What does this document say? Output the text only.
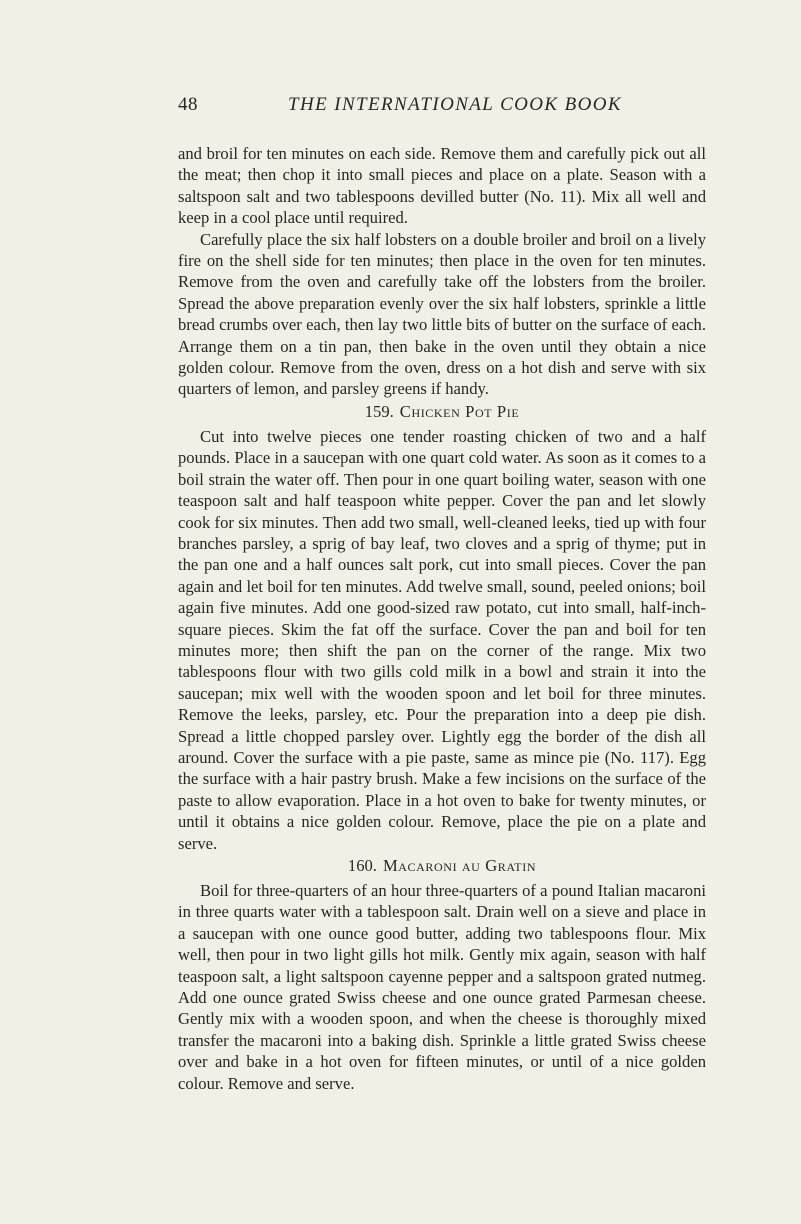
48	THE INTERNATIONAL COOK BOOK

and broil for ten minutes on each side. Remove them and carefully pick out all the meat; then chop it into small pieces and place on a plate. Season with a saltspoon salt and two tablespoons devilled butter (No. 11). Mix all well and keep in a cool place until required.

Carefully place the six half lobsters on a double broiler and broil on a lively fire on the shell side for ten minutes; then place in the oven for ten minutes. Remove from the oven and carefully take off the lobsters from the broiler. Spread the above preparation evenly over the six half lobsters, sprinkle a little bread crumbs over each, then lay two little bits of butter on the surface of each. Arrange them on a tin pan, then bake in the oven until they obtain a nice golden colour. Remove from the oven, dress on a hot dish and serve with six quarters of lemon, and parsley greens if handy.

159. Chicken Pot Pie

Cut into twelve pieces one tender roasting chicken of two and a half pounds. Place in a saucepan with one quart cold water. As soon as it comes to a boil strain the water off. Then pour in one quart boiling water, season with one teaspoon salt and half teaspoon white pepper. Cover the pan and let slowly cook for six minutes. Then add two small, well-cleaned leeks, tied up with four branches parsley, a sprig of bay leaf, two cloves and a sprig of thyme; put in the pan one and a half ounces salt pork, cut into small pieces. Cover the pan again and let boil for ten minutes. Add twelve small, sound, peeled onions; boil again five minutes. Add one good-sized raw potato, cut into small, half-inch-square pieces. Skim the fat off the surface. Cover the pan and boil for ten minutes more; then shift the pan on the corner of the range. Mix two tablespoons flour with two gills cold milk in a bowl and strain it into the saucepan; mix well with the wooden spoon and let boil for three minutes. Remove the leeks, parsley, etc. Pour the preparation into a deep pie dish. Spread a little chopped parsley over. Lightly egg the border of the dish all around. Cover the surface with a pie paste, same as mince pie (No. 117). Egg the surface with a hair pastry brush. Make a few incisions on the surface of the paste to allow evaporation. Place in a hot oven to bake for twenty minutes, or until it obtains a nice golden colour. Remove, place the pie on a plate and serve.

160. Macaroni au Gratin

Boil for three-quarters of an hour three-quarters of a pound Italian macaroni in three quarts water with a tablespoon salt. Drain well on a sieve and place in a saucepan with one ounce good butter, adding two tablespoons flour. Mix well, then pour in two light gills hot milk. Gently mix again, season with half teaspoon salt, a light saltspoon cayenne pepper and a saltspoon grated nutmeg. Add one ounce grated Swiss cheese and one ounce grated Parmesan cheese. Gently mix with a wooden spoon, and when the cheese is thoroughly mixed transfer the macaroni into a baking dish. Sprinkle a little grated Swiss cheese over and bake in a hot oven for fifteen minutes, or until of a nice golden colour. Remove and serve.
